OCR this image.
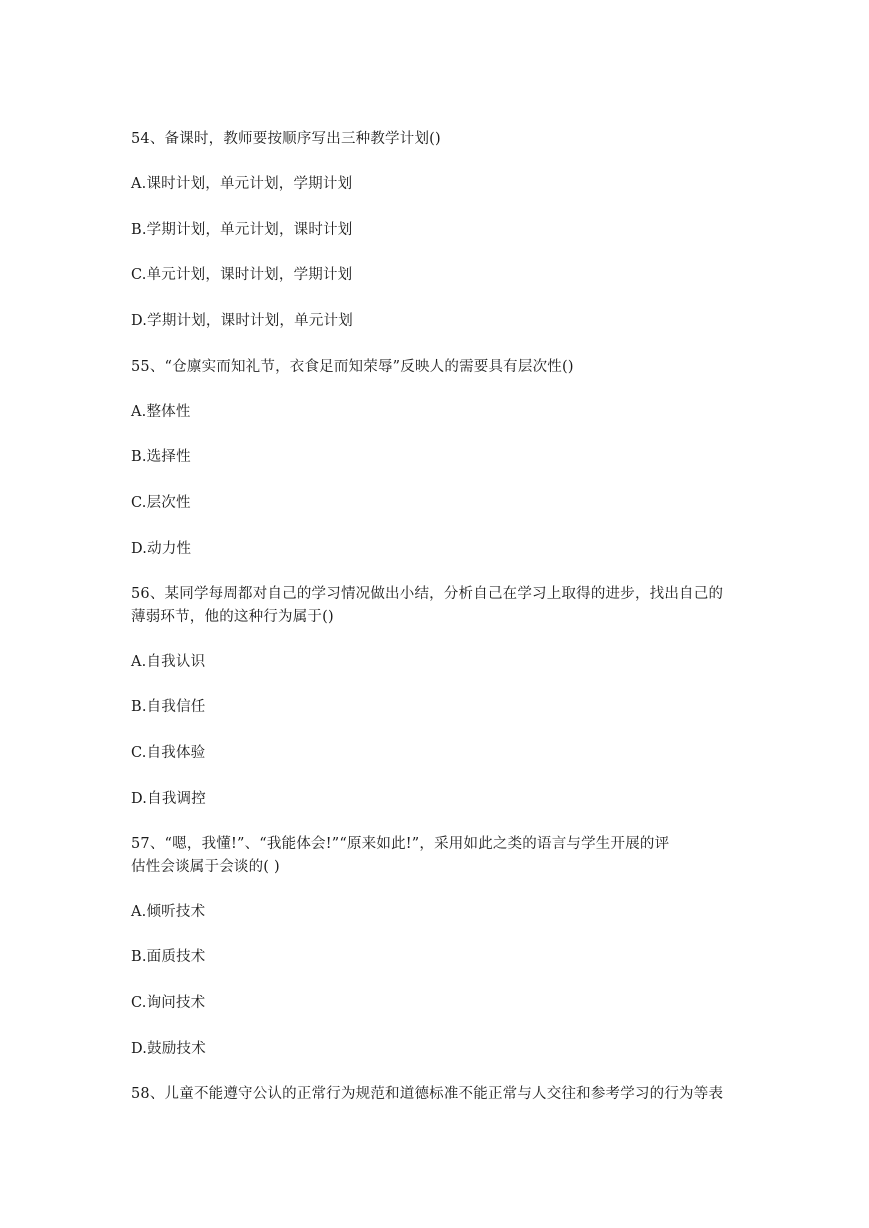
54、备课时，教师要按顺序写出三种教学计划()
A.课时计划，单元计划，学期计划
B.学期计划，单元计划，课时计划
C.单元计划，课时计划，学期计划
D.学期计划，课时计划，单元计划
55、“仓廪实而知礼节，衣食足而知荣辱”反映人的需要具有层次性()
A.整体性
B.选择性
C.层次性
D.动力性
56、某同学每周都对自己的学习情况做出小结，分析自己在学习上取得的进步，找出自己的
薄弱环节，他的这种行为属于()
A.自我认识
B.自我信任
C.自我体验
D.自我调控
57、“嗯，我懂!”、“我能体会!”“原来如此!”，采用如此之类的语言与学生开展的评
估性会谈属于会谈的( )
A.倾听技术
B.面质技术
C.询问技术
D.鼓励技术
58、儿童不能遵守公认的正常行为规范和道德标准不能正常与人交往和参考学习的行为等表
